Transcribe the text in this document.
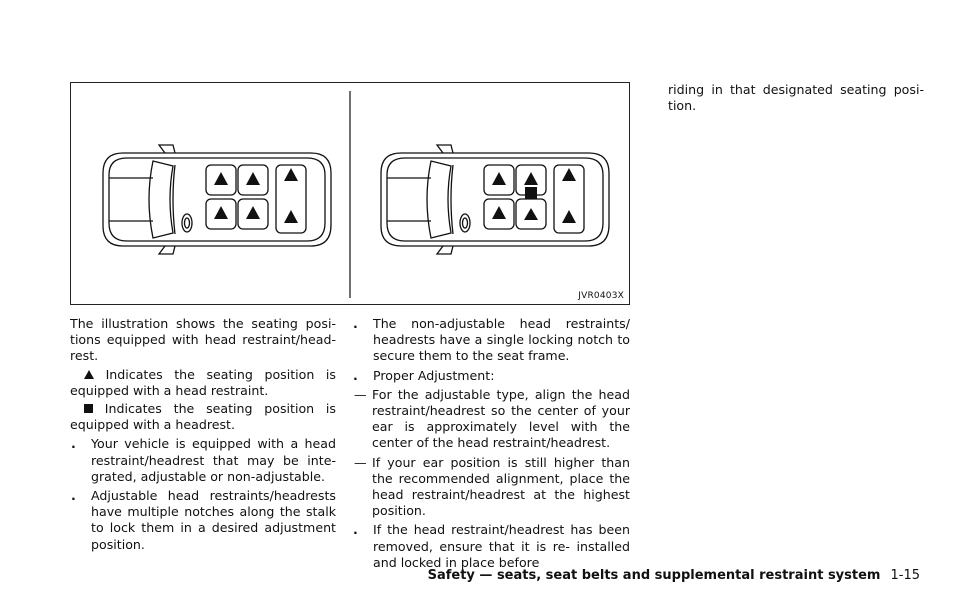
JVR0403X

The illustration shows the seating posi- tions equipped with head restraint/head- rest.

Indicates the seating position is equipped with a head restraint.

Indicates the seating position is equipped with a headrest.

. Your vehicle is equipped with a head restraint/headrest that may be inte- grated, adjustable or non-adjustable.

. Adjustable head restraints/headrests have multiple notches along the stalk to lock them in a desired adjustment position.

. The non-adjustable head restraints/ headrests have a single locking notch to secure them to the seat frame.

. Proper Adjustment:

— For the adjustable type, align the head restraint/headrest so the center of your ear is approximately level with the center of the head restraint/headrest.

— If your ear position is still higher than the recommended alignment, place the head restraint/headrest at the highest position.

. If the head restraint/headrest has been removed, ensure that it is re- installed and locked in place before

riding in that designated seating posi- tion.

Safety — seats, seat belts and supplemental restraint system 1-15
